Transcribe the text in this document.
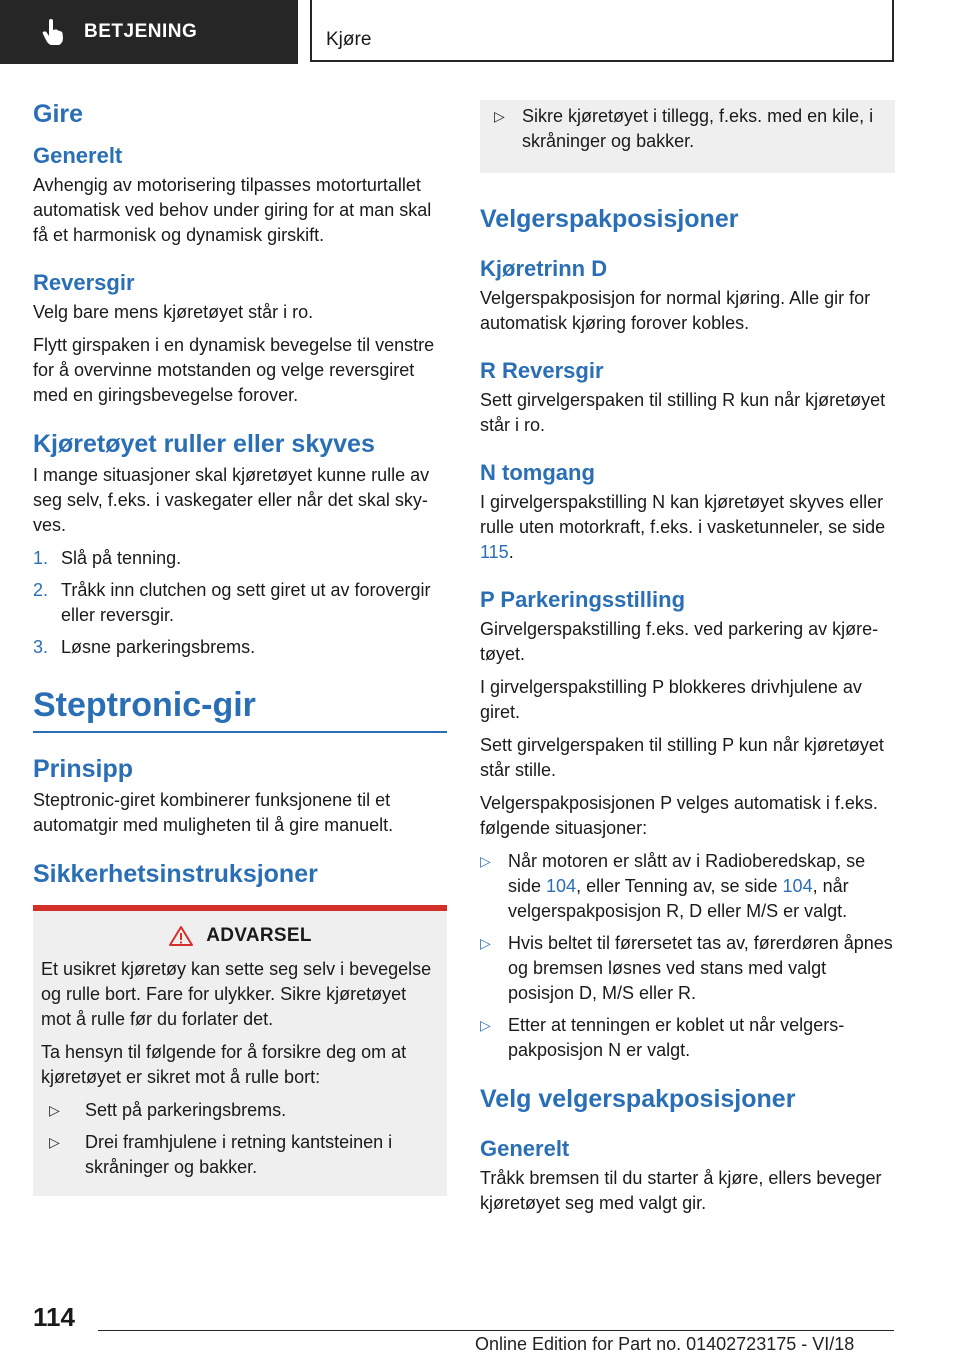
BETJENING	Kjøre
Gire
Generelt

Avhengig av motorisering tilpasses motorturtallet automatisk ved behov under giring for at man skal få et harmonisk og dynamisk girskift.

Reversgir

Velg bare mens kjøretøyet står i ro.

Flytt girspaken i en dynamisk bevegelse til venstre for å overvinne motstanden og velge reversgiret med en giringsbevegelse forover.

Kjøretøyet ruller eller skyves

I mange situasjoner skal kjøretøyet kunne rulle av seg selv, f.eks. i vaskegater eller når det skal skyves.

1. Slå på tenning.
2. Tråkk inn clutchen og sett giret ut av forovergir eller reversgir.
3. Løsne parkeringsbrems.
Steptronic-gir
Prinsipp

Steptronic-giret kombinerer funksjonene til et automatgir med muligheten til å gire manuelt.

Sikkerhetsinstruksjoner
ADVARSEL

Et usikret kjøretøy kan sette seg selv i bevegelse og rulle bort. Fare for ulykker. Sikre kjøretøyet mot å rulle før du forlater det.

Ta hensyn til følgende for å forsikre deg om at kjøretøyet er sikret mot å rulle bort:

▷ Sett på parkeringsbrems.
▷ Drei framhjulene i retning kantsteinen i skråninger og bakker.
▷ Sikre kjøretøyet i tillegg, f.eks. med en kile, i skråninger og bakker.
Velgerspakposisjoner
Kjøretrinn D

Velgerspakposisjon for normal kjøring. Alle gir for automatisk kjøring forover kobles.

R Reversgir

Sett girvelgerspaken til stilling R kun når kjøretøyet står i ro.

N tomgang

I girvelgerspakstilling N kan kjøretøyet skyves eller rulle uten motorkraft, f.eks. i vasketunneler, se side 115.

P Parkeringsstilling

Girvelgerspakstilling f.eks. ved parkering av kjøretøyet.

I girvelgerspakstilling P blokkeres drivhjulene av giret.

Sett girvelgerspaken til stilling P kun når kjøretøyet står stille.

Velgerspakposisjonen P velges automatisk i f.eks. følgende situasjoner:

▷ Når motoren er slått av i Radioberedskap, se side 104, eller Tenning av, se side 104, når velgerspakposisjon R, D eller M/S er valgt.
▷ Hvis beltet til førersetet tas av, førerdøren åpnes og bremsen løsnes ved stans med valgt posisjon D, M/S eller R.
▷ Etter at tenningen er koblet ut når velgerspakposisjon N er valgt.
Velg velgerspakposisjoner
Generelt

Tråkk bremsen til du starter å kjøre, ellers beveger kjøretøyet seg med valgt gir.

114
Online Edition for Part no. 01402723175 - VI/18
